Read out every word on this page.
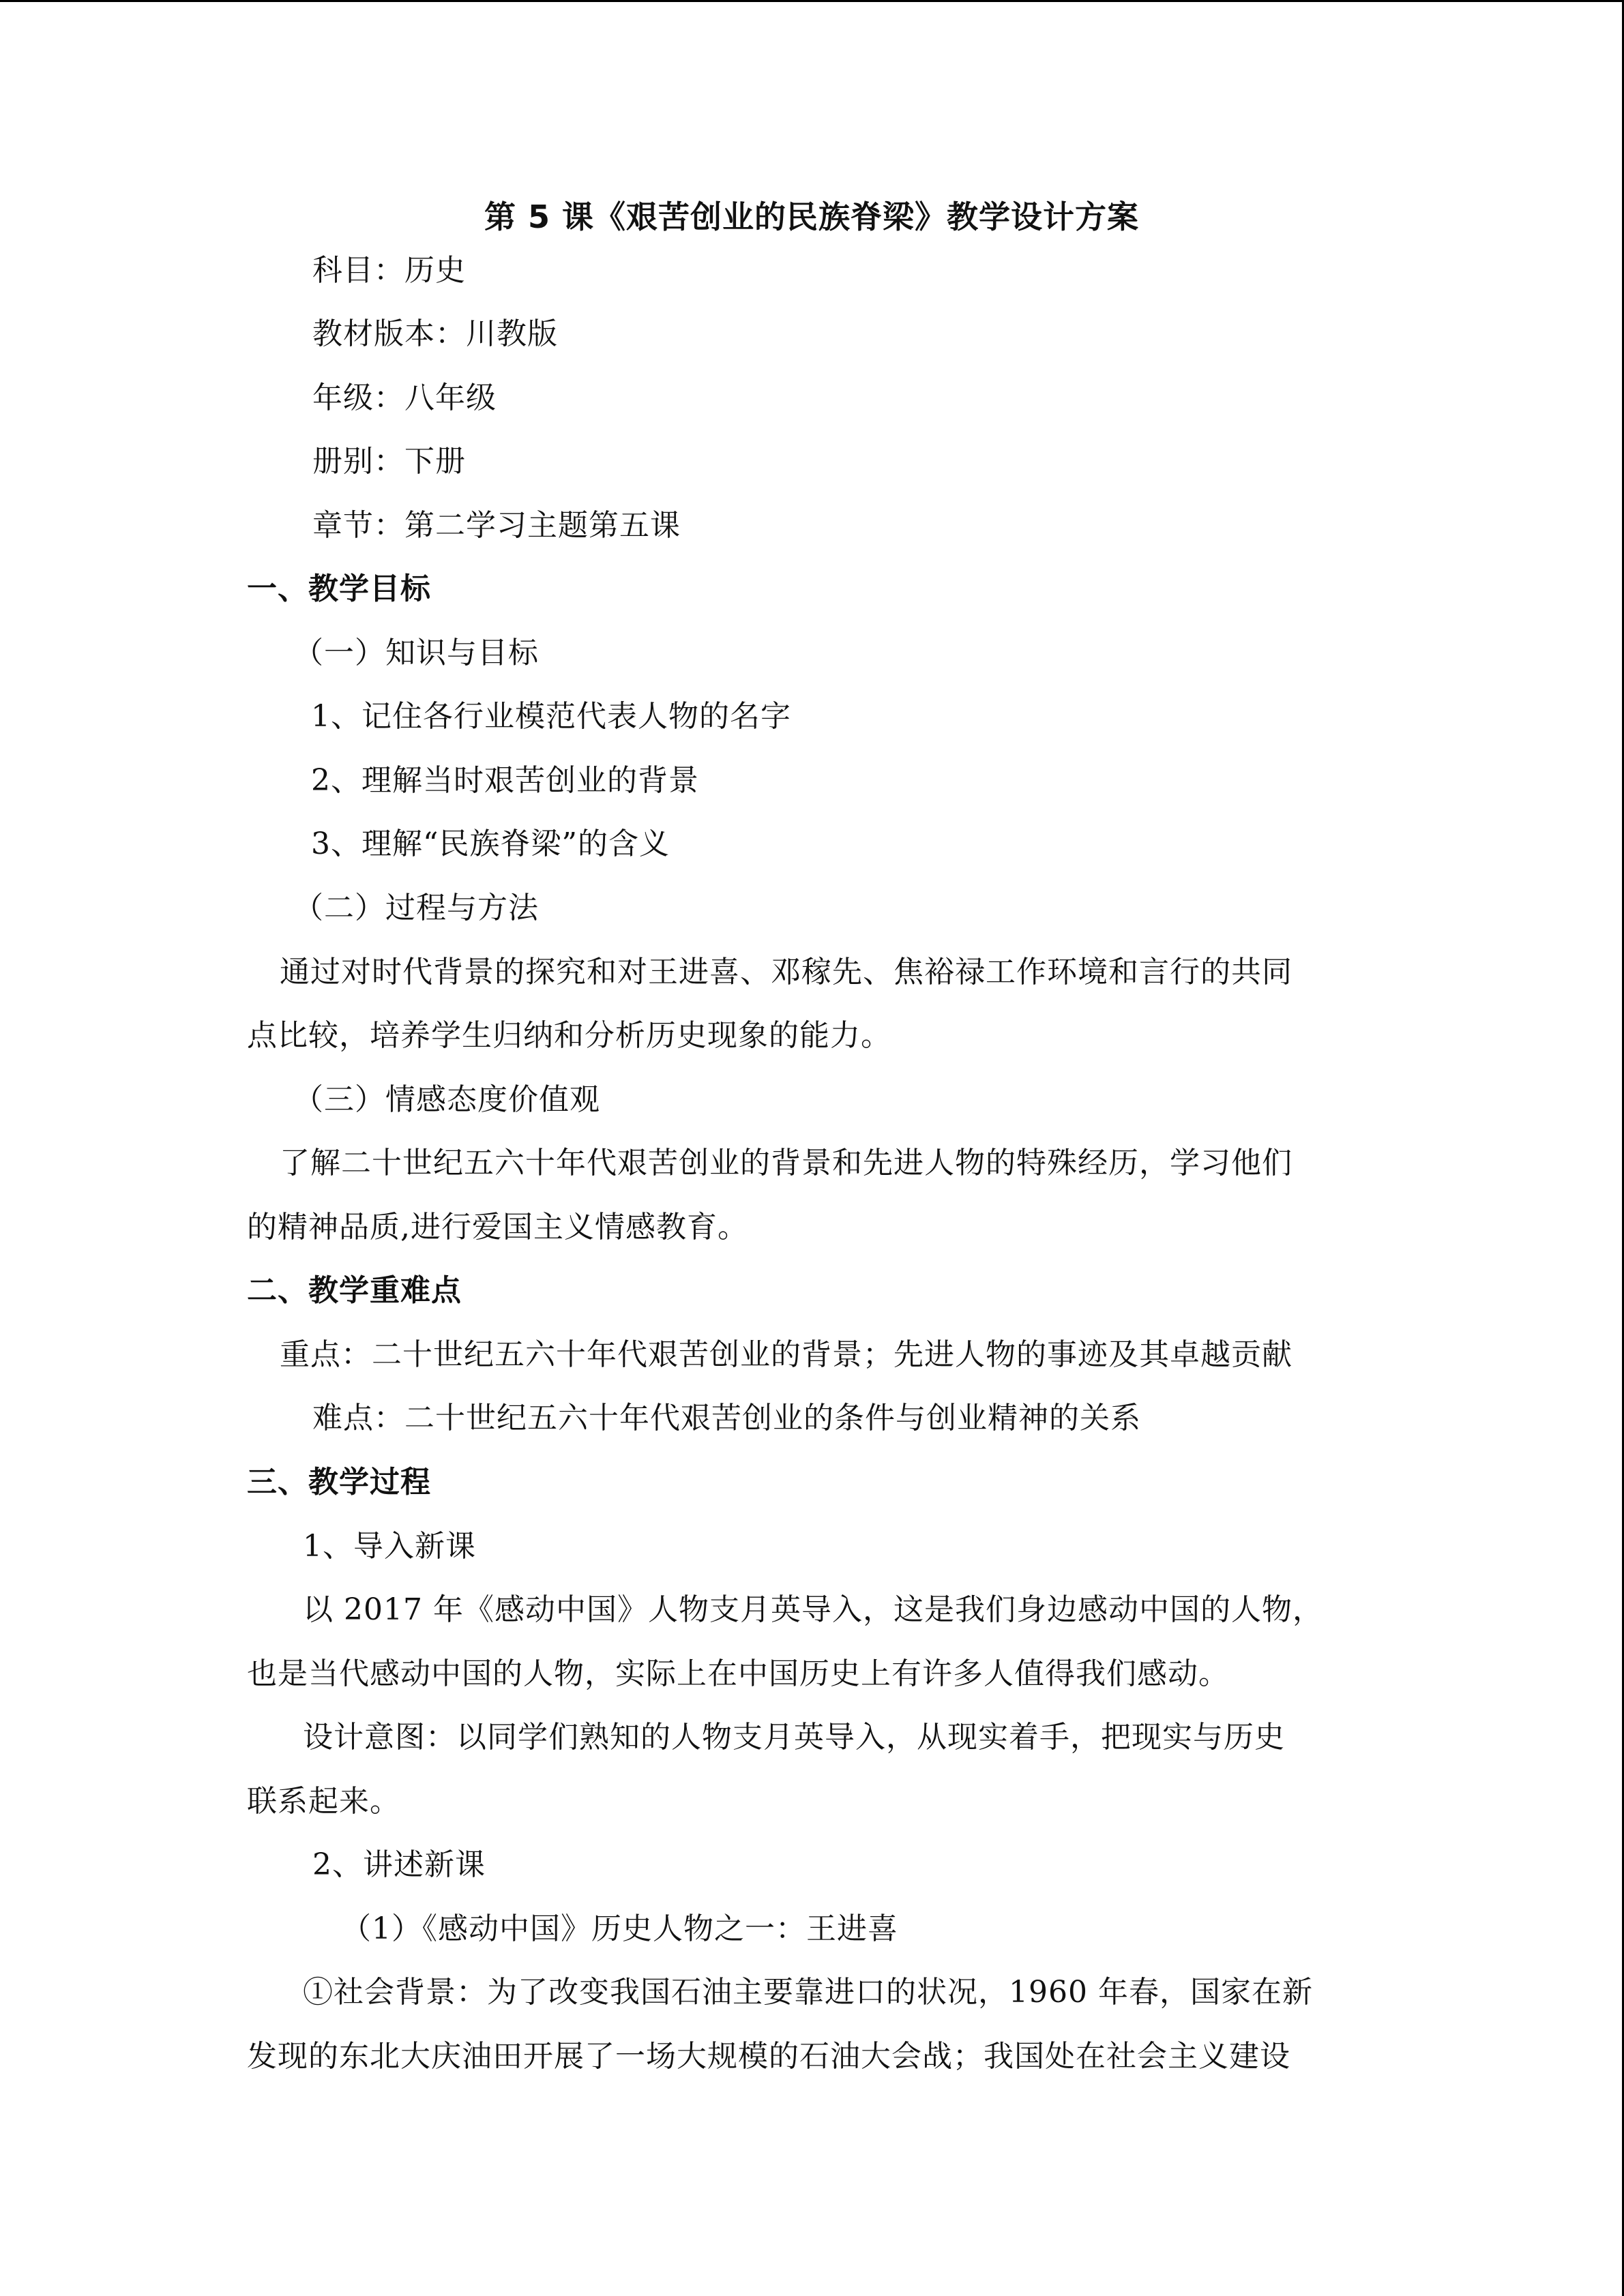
第 5 课《艰苦创业的民族脊梁》教学设计方案
科目：历史
教材版本：川教版
年级：八年级
册别：下册
章节：第二学习主题第五课
一、教学目标
（一）知识与目标
1、记住各行业模范代表人物的名字
2、理解当时艰苦创业的背景
3、理解“民族脊梁”的含义
（二）过程与方法
通过对时代背景的探究和对王进喜、邓稼先、焦裕禄工作环境和言行的共同
点比较，培养学生归纳和分析历史现象的能力。
（三）情感态度价值观
了解二十世纪五六十年代艰苦创业的背景和先进人物的特殊经历，学习他们
的精神品质,进行爱国主义情感教育。
二、教学重难点
重点：二十世纪五六十年代艰苦创业的背景；先进人物的事迹及其卓越贡献
难点：二十世纪五六十年代艰苦创业的条件与创业精神的关系
三、教学过程
1、导入新课
以 2017 年《感动中国》人物支月英导入，这是我们身边感动中国的人物，
也是当代感动中国的人物，实际上在中国历史上有许多人值得我们感动。
设计意图：以同学们熟知的人物支月英导入，从现实着手，把现实与历史
联系起来。
2、讲述新课
（1）《感动中国》历史人物之一：王进喜
①社会背景：为了改变我国石油主要靠进口的状况，1960 年春，国家在新
发现的东北大庆油田开展了一场大规模的石油大会战；我国处在社会主义建设
